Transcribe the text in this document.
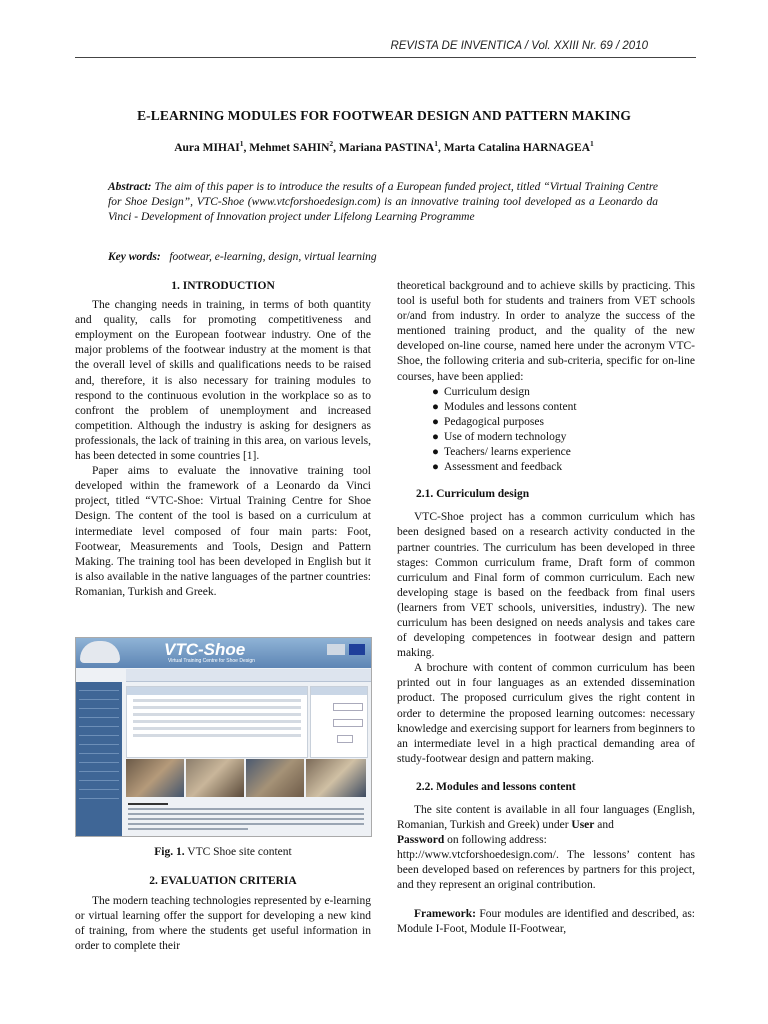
REVISTA DE INVENTICA / Vol. XXIII Nr. 69 / 2010
E-LEARNING MODULES FOR FOOTWEAR DESIGN AND PATTERN MAKING
Aura MIHAI$^1$, Mehmet SAHIN$^2$, Mariana PASTINA$^1$, Marta Catalina HARNAGEA$^1$
Abstract: The aim of this paper is to introduce the results of a European funded project, titled “Virtual Training Centre for Shoe Design”, VTC-Shoe (www.vtcforshoedesign.com) is an innovative training tool developed as a Leonardo da Vinci - Development of Innovation project under Lifelong Learning Programme
Key words: footwear, e-learning, design, virtual learning

1. INTRODUCTION

The changing needs in training, in terms of both quantity and quality, calls for promoting competitiveness and employment on the European footwear industry. One of the major problems of the footwear industry at the moment is that the overall level of skills and qualifications needs to be raised and, therefore, it is also necessary for training modules to respond to the continuous evolution in the workplace so as to confront the problem of unemployment and increased competition. Although the industry is asking for designers as professionals, the lack of training in this area, on various levels, has been detected in some countries [1].

Paper aims to evaluate the innovative training tool developed within the framework of a Leonardo da Vinci project, titled “VTC-Shoe: Virtual Training Centre for Shoe Design. The content of the tool is based on a curriculum at intermediate level composed of four main parts: Foot, Footwear, Measurements and Tools, Design and Pattern Making. The training tool has been developed in English but it is also available in the native languages of the partner countries: Romanian, Turkish and Greek.

VTC-Shoe
Virtual Training Centre for Shoe Design
Fig. 1. VTC Shoe site content

2. EVALUATION CRITERIA

The modern teaching technologies represented by e-learning or virtual learning offer the support for developing a new kind of training, from where the students get useful information in order to complete their

theoretical background and to achieve skills by practicing. This tool is useful both for students and trainers from VET schools or/and from industry. In order to analyze the success of the mentioned training product, and the quality of the new developed on-line course, named here under the acronym VTC- Shoe, the following criteria and sub-criteria, specific for on-line courses, have been applied:

● Curriculum design
● Modules and lessons content
● Pedagogical purposes
● Use of modern technology
● Teachers/ learns experience
● Assessment and feedback

2.1. Curriculum design

VTC-Shoe project has a common curriculum which has been designed based on a research activity conducted in the partner countries. The curriculum has been developed in three stages: Common curriculum frame, Draft form of common curriculum and Final form of common curriculum. Each new developing stage is based on the feedback from final users (learners from VET schools, universities, industry). The new curriculum has been designed on needs analysis and takes care of developing competences in footwear design and pattern making.

A brochure with content of common curriculum has been printed out in four languages as an extended dissemination product. The proposed curriculum gives the right content in order to determine the proposed learning outcomes: necessary knowledge and exercising support for learners from beginners to an intermediate level in a high practical demanding area of study-footwear design and pattern making.

2.2. Modules and lessons content

The site content is available in all four languages (English, Romanian, Turkish and Greek) under User and
Password on following address:
http://www.vtcforshoedesign.com/. The lessons’ content has been developed based on references by partners for this project, and they represent an original contribution.

Framework: Four modules are identified and described, as: Module I-Foot, Module II-Footwear,
